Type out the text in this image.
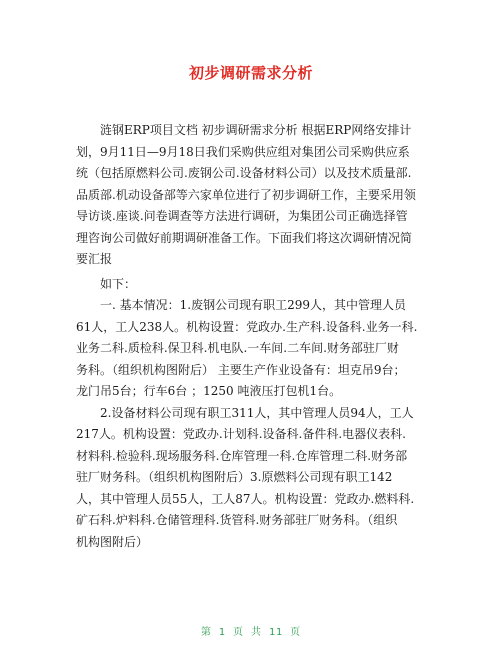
初步调研需求分析
　　涟钢ERP项目文档 初步调研需求分析 根据ERP网络安排计
划，9月11日—9月18日我们采购供应组对集团公司采购供应系
统（包括原燃料公司.废钢公司.设备材料公司）以及技术质量部.
品质部.机动设备部等六家单位进行了初步调研工作，主要采用领
导访谈.座谈.问卷调查等方法进行调研，为集团公司正确选择管
理咨询公司做好前期调研准备工作。下面我们将这次调研情况简
要汇报
　　如下：
　　一. 基本情况：1.废钢公司现有职工299人，其中管理人员
61人，工人238人。机构设置：党政办.生产科.设备科.业务一科.
业务二科.质检科.保卫科.机电队.一车间.二车间.财务部驻厂财
务科。（组织机构图附后） 主要生产作业设备有：坦克吊9台；
龙门吊5台；行车6台 ；1250 吨液压打包机1台。
　　2.设备材料公司现有职工311人，其中管理人员94人，工人
217人。机构设置：党政办.计划科.设备科.备件科.电器仪表科.
材料科.检验科.现场服务科.仓库管理一科.仓库管理二科.财务部
驻厂财务科。（组织机构图附后）3.原燃料公司现有职工142
人，其中管理人员55人，工人87人。机构设置：党政办.燃料科.
矿石科.炉料科.仓储管理科.货管科.财务部驻厂财务科。（组织
机构图附后）
第 1 页 共 11 页
